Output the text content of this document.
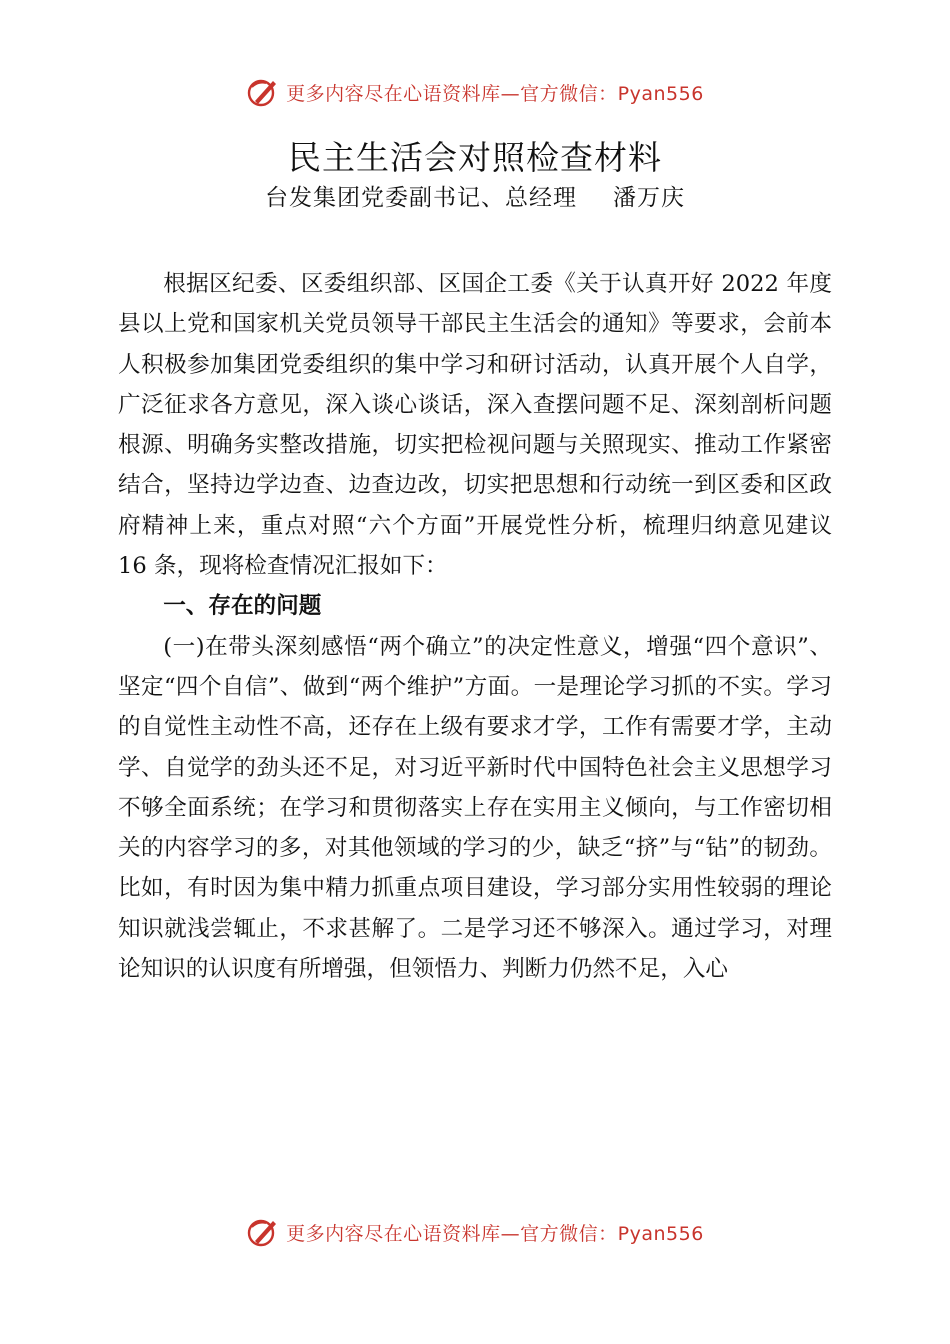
更多内容尽在心语资料库—官方微信：Pyan556
民主生活会对照检查材料
台发集团党委副书记、总经理 潘万庆

根据区纪委、区委组织部、区国企工委《关于认真开好 2022 年度县以上党和国家机关党员领导干部民主生活会的通知》等要求，会前本人积极参加集团党委组织的集中学习和研讨活动，认真开展个人自学，广泛征求各方意见，深入谈心谈话，深入查摆问题不足、深刻剖析问题根源、明确务实整改措施，切实把检视问题与关照现实、推动工作紧密结合，坚持边学边查、边查边改，切实把思想和行动统一到区委和区政府精神上来，重点对照“六个方面”开展党性分析，梳理归纳意见建议 16 条，现将检查情况汇报如下：

一、存在的问题

(一)在带头深刻感悟“两个确立”的决定性意义，增强“四个意识”、坚定“四个自信”、做到“两个维护”方面。一是理论学习抓的不实。学习的自觉性主动性不高，还存在上级有要求才学，工作有需要才学，主动学、自觉学的劲头还不足，对习近平新时代中国特色社会主义思想学习不够全面系统；在学习和贯彻落实上存在实用主义倾向，与工作密切相关的内容学习的多，对其他领域的学习的少，缺乏“挤”与“钻”的韧劲。比如，有时因为集中精力抓重点项目建设，学习部分实用性较弱的理论知识就浅尝辄止，不求甚解了。二是学习还不够深入。通过学习，对理论知识的认识度有所增强，但领悟力、判断力仍然不足，入心

更多内容尽在心语资料库—官方微信：Pyan556
